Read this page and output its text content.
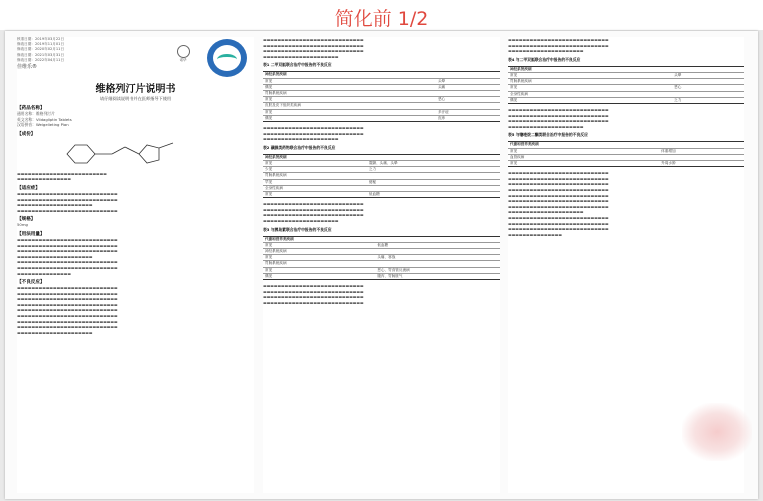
简化前 1/2
核准日期：2019年03月22日
修改日期：2019年11月01日
修改日期：2020年02月11日
修改日期：2021年03月31日
修改日期：2022年04月11日
佳维乐®
诺华
维格列汀片说明书
请仔细阅读说明书并在医师指导下使用
【药品名称】
通用名称：维格列汀片
英文名称：Vildagliptin Tablets
汉语拼音：Weigelieting Pian
【成份】
▬▬▬▬▬▬▬▬▬▬▬▬▬▬▬▬▬▬▬▬▬▬▬▬▬
▬▬▬▬▬▬▬▬▬▬▬▬▬▬▬
【适应症】
▬▬▬▬▬▬▬▬▬▬▬▬▬▬▬▬▬▬▬▬▬▬▬▬▬▬▬▬
▬▬▬▬▬▬▬▬▬▬▬▬▬▬▬▬▬▬▬▬▬▬▬▬▬▬▬▬
▬▬▬▬▬▬▬▬▬▬▬▬▬▬▬▬▬▬▬▬▬
▬▬▬▬▬▬▬▬▬▬▬▬▬▬▬▬▬▬▬▬▬▬▬▬▬▬▬▬
【规格】
50mg
【用法用量】
▬▬▬▬▬▬▬▬▬▬▬▬▬▬▬▬▬▬▬▬▬▬▬▬▬▬▬▬
▬▬▬▬▬▬▬▬▬▬▬▬▬▬▬▬▬▬▬▬▬▬▬▬▬▬▬▬
▬▬▬▬▬▬▬▬▬▬▬▬▬▬▬▬▬▬▬▬▬▬▬▬▬▬▬▬
▬▬▬▬▬▬▬▬▬▬▬▬▬▬▬▬▬▬▬▬▬
▬▬▬▬▬▬▬▬▬▬▬▬▬▬▬▬▬▬▬▬▬▬▬▬▬▬▬▬
▬▬▬▬▬▬▬▬▬▬▬▬▬▬▬▬▬▬▬▬▬▬▬▬▬▬▬▬
▬▬▬▬▬▬▬▬▬▬▬▬▬▬▬
【不良反应】
▬▬▬▬▬▬▬▬▬▬▬▬▬▬▬▬▬▬▬▬▬▬▬▬▬▬▬▬
▬▬▬▬▬▬▬▬▬▬▬▬▬▬▬▬▬▬▬▬▬▬▬▬▬▬▬▬
▬▬▬▬▬▬▬▬▬▬▬▬▬▬▬▬▬▬▬▬▬▬▬▬▬▬▬▬
▬▬▬▬▬▬▬▬▬▬▬▬▬▬▬▬▬▬▬▬▬▬▬▬▬▬▬▬
▬▬▬▬▬▬▬▬▬▬▬▬▬▬▬▬▬▬▬▬▬▬▬▬▬▬▬▬
▬▬▬▬▬▬▬▬▬▬▬▬▬▬▬▬▬▬▬▬▬▬▬▬▬▬▬▬
▬▬▬▬▬▬▬▬▬▬▬▬▬▬▬▬▬▬▬▬▬▬▬▬▬▬▬▬
▬▬▬▬▬▬▬▬▬▬▬▬▬▬▬▬▬▬▬▬▬▬▬▬▬▬▬▬
▬▬▬▬▬▬▬▬▬▬▬▬▬▬▬▬▬▬▬▬▬
▬▬▬▬▬▬▬▬▬▬▬▬▬▬▬▬▬▬▬▬▬▬▬▬▬▬▬▬
▬▬▬▬▬▬▬▬▬▬▬▬▬▬▬▬▬▬▬▬▬▬▬▬▬▬▬▬
▬▬▬▬▬▬▬▬▬▬▬▬▬▬▬▬▬▬▬▬▬▬▬▬▬▬▬▬
▬▬▬▬▬▬▬▬▬▬▬▬▬▬▬▬▬▬▬▬▬
表1 二甲双胍联合治疗中报告的不良反应
神经系统疾病	
常见	头晕
偶见	头痛
胃肠系统疾病	
常见	恶心
皮肤及皮下组织类疾病	
常见	多汗症
偶见	皮疹
▬▬▬▬▬▬▬▬▬▬▬▬▬▬▬▬▬▬▬▬▬▬▬▬▬▬▬▬
▬▬▬▬▬▬▬▬▬▬▬▬▬▬▬▬▬▬▬▬▬▬▬▬▬▬▬▬
▬▬▬▬▬▬▬▬▬▬▬▬▬▬▬▬▬▬▬▬▬
表2 磺脲类药物联合治疗中报告的不良反应
神经系统疾病	
常见	震颤、头痛、头晕
少见	乏力
胃肠系统疾病	
罕见	便秘
全身性疾病	
常见	低血糖
▬▬▬▬▬▬▬▬▬▬▬▬▬▬▬▬▬▬▬▬▬▬▬▬▬▬▬▬
▬▬▬▬▬▬▬▬▬▬▬▬▬▬▬▬▬▬▬▬▬▬▬▬▬▬▬▬
▬▬▬▬▬▬▬▬▬▬▬▬▬▬▬▬▬▬▬▬▬▬▬▬▬▬▬▬
▬▬▬▬▬▬▬▬▬▬▬▬▬▬▬▬▬▬▬▬▬
表3 与胰岛素联合治疗中报告的不良反应
代谢和营养类疾病	
常见	低血糖
神经系统疾病	
常见	头痛、寒战
胃肠系统疾病	
常见	恶心、胃食管反流病
偶见	腹泻、胃肠胀气
▬▬▬▬▬▬▬▬▬▬▬▬▬▬▬▬▬▬▬▬▬▬▬▬▬▬▬▬
▬▬▬▬▬▬▬▬▬▬▬▬▬▬▬▬▬▬▬▬▬▬▬▬▬▬▬▬
▬▬▬▬▬▬▬▬▬▬▬▬▬▬▬▬▬▬▬▬▬▬▬▬▬▬▬▬
▬▬▬▬▬▬▬▬▬▬▬▬▬▬▬▬▬▬▬▬▬▬▬▬▬▬▬▬
▬▬▬▬▬▬▬▬▬▬▬▬▬▬▬▬▬▬▬▬▬▬▬▬▬▬▬▬
▬▬▬▬▬▬▬▬▬▬▬▬▬▬▬▬▬▬▬▬▬▬▬▬▬▬▬▬
▬▬▬▬▬▬▬▬▬▬▬▬▬▬▬▬▬▬▬▬▬
表4 与二甲双胍联合治疗中报告的不良反应
神经系统疾病	
常见	头晕
胃肠系统疾病	
常见	恶心
全身性疾病	
偶见	乏力
▬▬▬▬▬▬▬▬▬▬▬▬▬▬▬▬▬▬▬▬▬▬▬▬▬▬▬▬
▬▬▬▬▬▬▬▬▬▬▬▬▬▬▬▬▬▬▬▬▬▬▬▬▬▬▬▬
▬▬▬▬▬▬▬▬▬▬▬▬▬▬▬▬▬▬▬▬▬▬▬▬▬▬▬▬
▬▬▬▬▬▬▬▬▬▬▬▬▬▬▬▬▬▬▬▬▬
表5 与噻唑烷二酮类联合治疗中报告的不良反应
代谢和营养类疾病	
常见	体重增加
血管疾病	
常见	外周水肿
▬▬▬▬▬▬▬▬▬▬▬▬▬▬▬▬▬▬▬▬▬▬▬▬▬▬▬▬
▬▬▬▬▬▬▬▬▬▬▬▬▬▬▬▬▬▬▬▬▬▬▬▬▬▬▬▬
▬▬▬▬▬▬▬▬▬▬▬▬▬▬▬▬▬▬▬▬▬▬▬▬▬▬▬▬
▬▬▬▬▬▬▬▬▬▬▬▬▬▬▬▬▬▬▬▬▬▬▬▬▬▬▬▬
▬▬▬▬▬▬▬▬▬▬▬▬▬▬▬▬▬▬▬▬▬▬▬▬▬▬▬▬
▬▬▬▬▬▬▬▬▬▬▬▬▬▬▬▬▬▬▬▬▬▬▬▬▬▬▬▬
▬▬▬▬▬▬▬▬▬▬▬▬▬▬▬▬▬▬▬▬▬▬▬▬▬▬▬▬
▬▬▬▬▬▬▬▬▬▬▬▬▬▬▬▬▬▬▬▬▬
▬▬▬▬▬▬▬▬▬▬▬▬▬▬▬▬▬▬▬▬▬▬▬▬▬▬▬▬
▬▬▬▬▬▬▬▬▬▬▬▬▬▬▬▬▬▬▬▬▬▬▬▬▬▬▬▬
▬▬▬▬▬▬▬▬▬▬▬▬▬▬▬▬▬▬▬▬▬▬▬▬▬▬▬▬
▬▬▬▬▬▬▬▬▬▬▬▬▬▬▬
